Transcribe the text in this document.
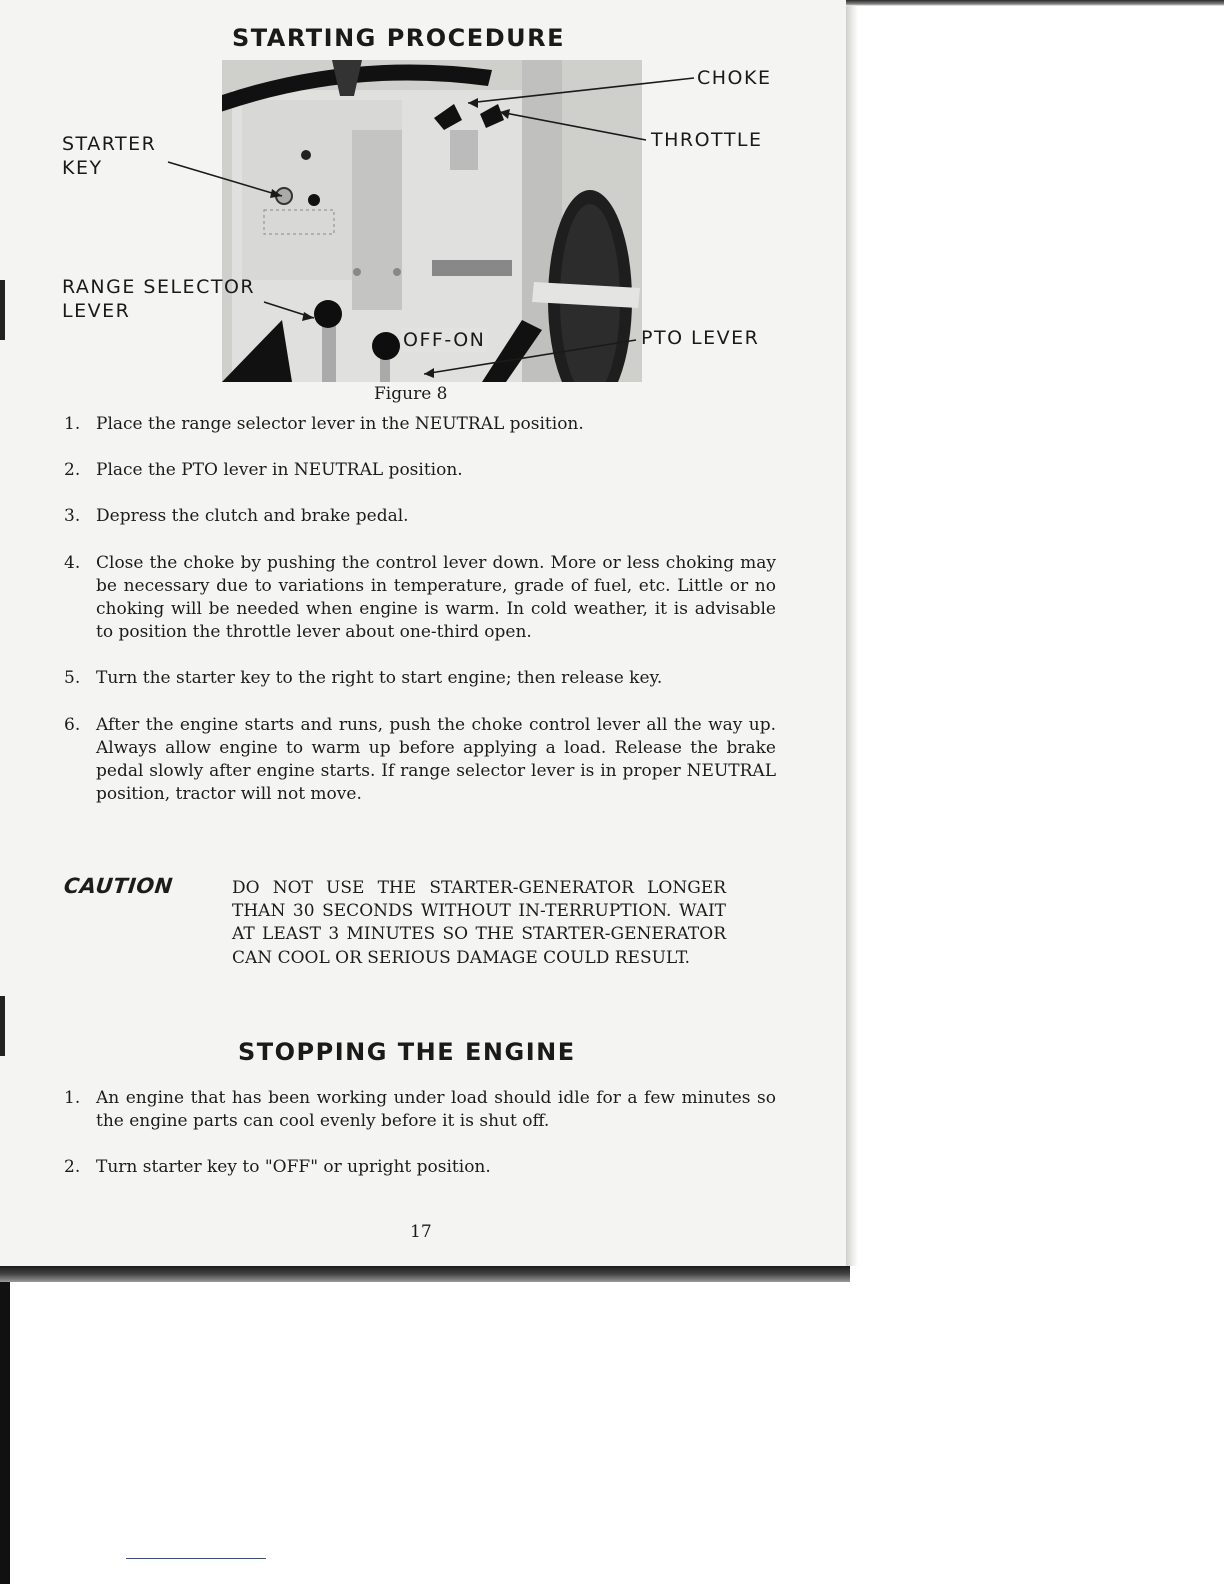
STARTING PROCEDURE
CHOKE
THROTTLE
STARTER
KEY
RANGE SELECTOR
LEVER
OFF-ON	PTO LEVER
Figure 8
1. Place the range selector lever in the NEUTRAL position.
2. Place the PTO lever in NEUTRAL position.
3. Depress the clutch and brake pedal.
4. Close the choke by pushing the control lever down. More or less choking may be necessary due to variations in temperature, grade of fuel, etc. Little or no choking will be needed when engine is warm. In cold weather, it is advisable to position the throttle lever about one-third open.
5. Turn the starter key to the right to start engine; then release key.
6. After the engine starts and runs, push the choke control lever all the way up. Always allow engine to warm up before applying a load. Release the brake pedal slowly after engine starts. If range selector lever is in proper NEUTRAL position, tractor will not move.
CAUTION	DO NOT USE THE STARTER-GENERATOR LONGER THAN 30 SECONDS WITHOUT IN-TERRUPTION. WAIT AT LEAST 3 MINUTES SO THE STARTER-GENERATOR CAN COOL OR SERIOUS DAMAGE COULD RESULT.
STOPPING THE ENGINE
1. An engine that has been working under load should idle for a few minutes so the engine parts can cool evenly before it is shut off.
2. Turn starter key to "OFF" or upright position.
17
